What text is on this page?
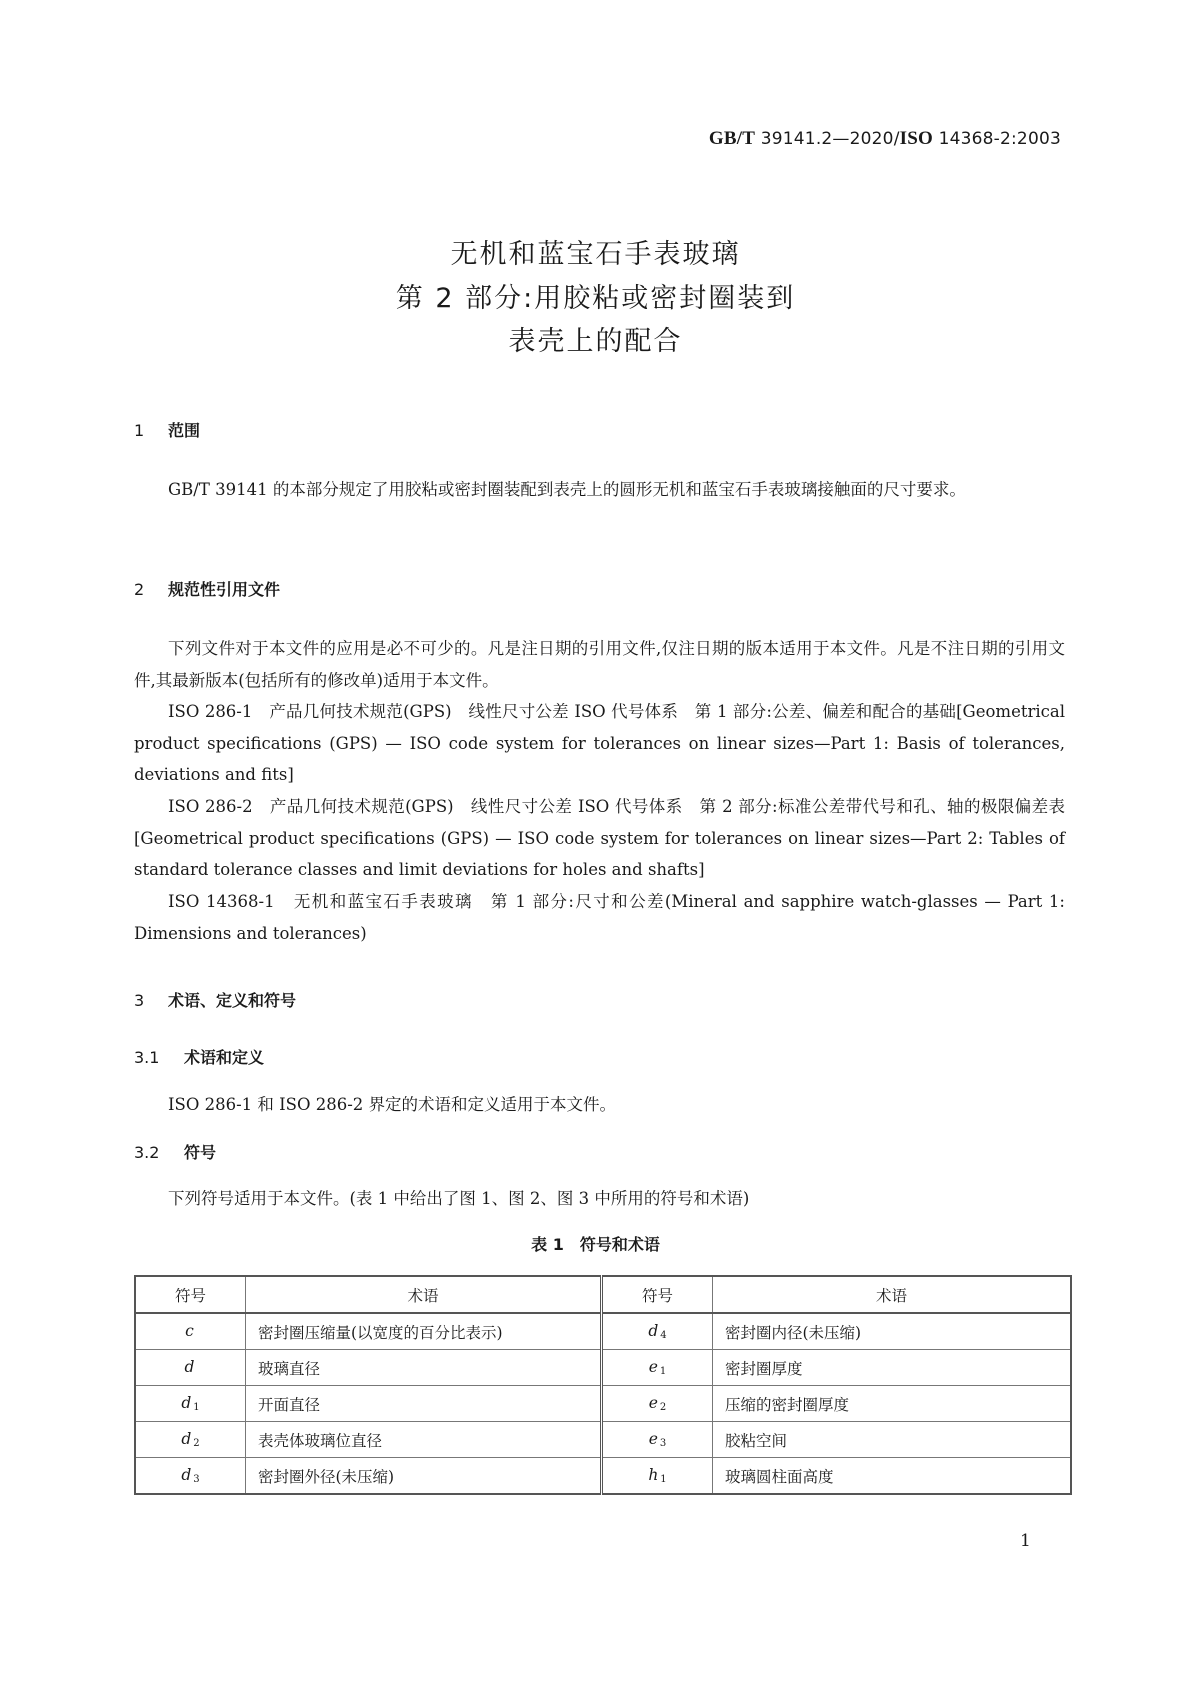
GB/T 39141.2—2020/ISO 14368-2:2003
无机和蓝宝石手表玻璃
第 2 部分:用胶粘或密封圈装到
表壳上的配合
1 范围
GB/T 39141 的本部分规定了用胶粘或密封圈装配到表壳上的圆形无机和蓝宝石手表玻璃接触面的尺寸要求。
2 规范性引用文件
下列文件对于本文件的应用是必不可少的。凡是注日期的引用文件,仅注日期的版本适用于本文件。凡是不注日期的引用文件,其最新版本(包括所有的修改单)适用于本文件。
ISO 286-1　产品几何技术规范(GPS)　线性尺寸公差 ISO 代号体系　第 1 部分:公差、偏差和配合的基础[Geometrical product specifications (GPS) — ISO code system for tolerances on linear sizes—Part 1: Basis of tolerances, deviations and fits]
ISO 286-2　产品几何技术规范(GPS)　线性尺寸公差 ISO 代号体系　第 2 部分:标准公差带代号和孔、轴的极限偏差表[Geometrical product specifications (GPS) — ISO code system for tolerances on linear sizes—Part 2: Tables of standard tolerance classes and limit deviations for holes and shafts]
ISO 14368-1　无机和蓝宝石手表玻璃　第 1 部分:尺寸和公差(Mineral and sapphire watch-glasses — Part 1: Dimensions and tolerances)
3 术语、定义和符号
3.1 术语和定义
ISO 286-1 和 ISO 286-2 界定的术语和定义适用于本文件。
3.2 符号
下列符号适用于本文件。(表 1 中给出了图 1、图 2、图 3 中所用的符号和术语)
表 1　符号和术语
符号	术语	符号	术语
c	密封圈压缩量(以宽度的百分比表示)	d $_4$	密封圈内径(未压缩)
d	玻璃直径	e $_1$	密封圈厚度
d $_1$	开面直径	e $_2$	压缩的密封圈厚度
d $_2$	表壳体玻璃位直径	e $_3$	胶粘空间
d $_3$	密封圈外径(未压缩)	h $_1$	玻璃圆柱面高度
1
